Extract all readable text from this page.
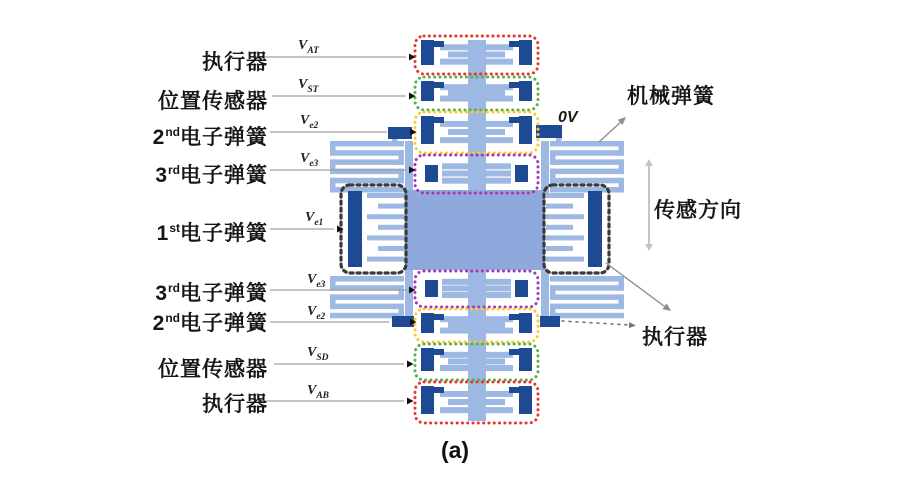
执行器
位置传感器
2nd电子弹簧
3rd电子弹簧
1st电子弹簧
3rd电子弹簧
2nd电子弹簧
位置传感器
执行器
$V_{AT}$
$V_{ST}$
$V_{e2}$
$V_{e3}$
$V_{e1}$
$V_{e3}$
$V_{e2}$
$V_{SD}$
$V_{AB}$
机械弹簧
0V
传感方向
执行器
(a)
